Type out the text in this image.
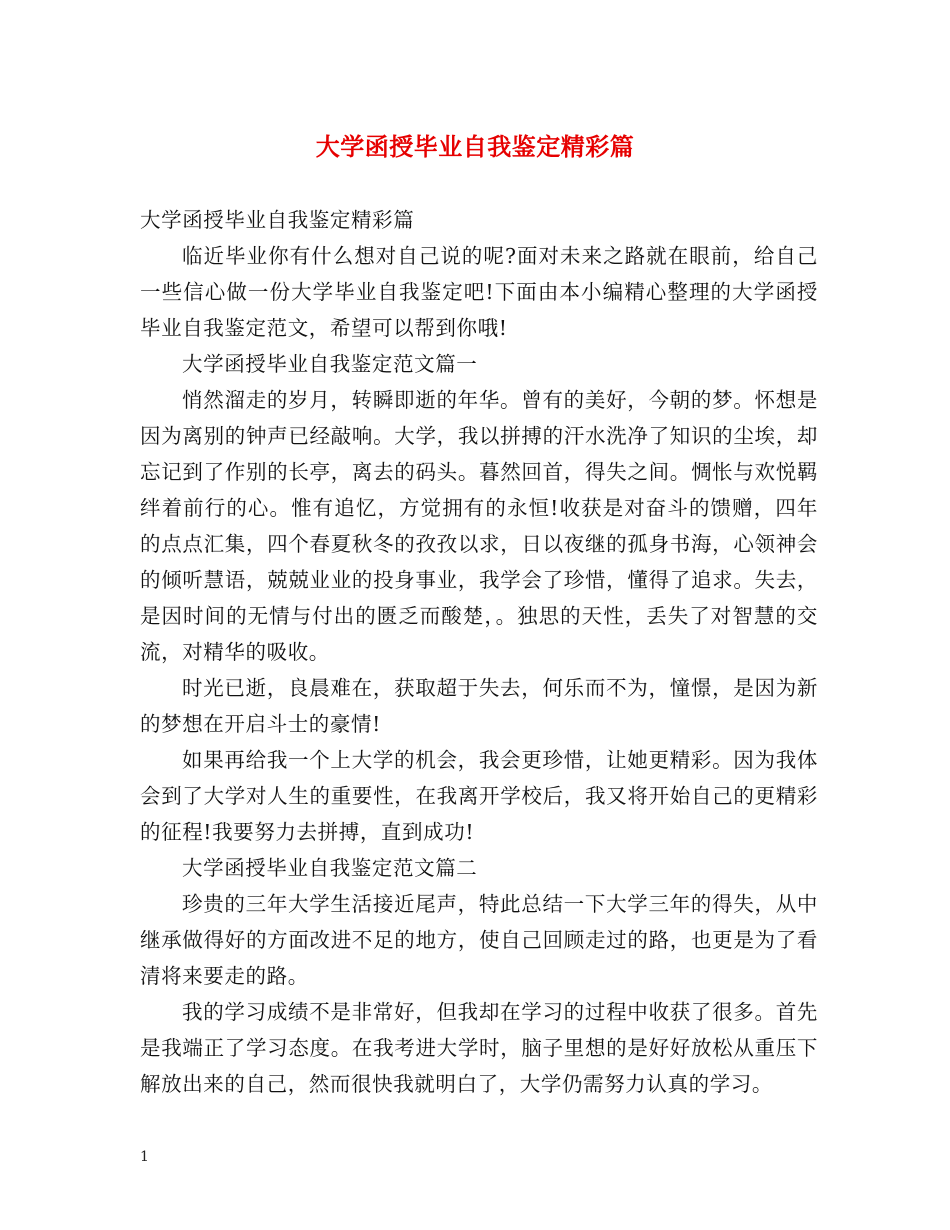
大学函授毕业自我鉴定精彩篇

大学函授毕业自我鉴定精彩篇

临近毕业你有什么想对自己说的呢?面对未来之路就在眼前，给自己一些信心做一份大学毕业自我鉴定吧!下面由本小编精心整理的大学函授毕业自我鉴定范文，希望可以帮到你哦!

大学函授毕业自我鉴定范文篇一

悄然溜走的岁月，转瞬即逝的年华。曾有的美好，今朝的梦。怀想是因为离别的钟声已经敲响。大学，我以拼搏的汗水洗净了知识的尘埃，却忘记到了作别的长亭，离去的码头。暮然回首，得失之间。惆怅与欢悦羁绊着前行的心。惟有追忆，方觉拥有的永恒!收获是对奋斗的馈赠，四年的点点汇集，四个春夏秋冬的孜孜以求，日以夜继的孤身书海，心领神会的倾听慧语，兢兢业业的投身事业，我学会了珍惜，懂得了追求。失去，是因时间的无情与付出的匮乏而酸楚，。独思的天性，丢失了对智慧的交流，对精华的吸收。

时光已逝，良晨难在，获取超于失去，何乐而不为，憧憬，是因为新的梦想在开启斗士的豪情!

如果再给我一个上大学的机会，我会更珍惜，让她更精彩。因为我体会到了大学对人生的重要性，在我离开学校后，我又将开始自己的更精彩的征程!我要努力去拼搏，直到成功!

大学函授毕业自我鉴定范文篇二

珍贵的三年大学生活接近尾声，特此总结一下大学三年的得失，从中继承做得好的方面改进不足的地方，使自己回顾走过的路，也更是为了看清将来要走的路。

我的学习成绩不是非常好，但我却在学习的过程中收获了很多。首先是我端正了学习态度。在我考进大学时，脑子里想的是好好放松从重压下解放出来的自己，然而很快我就明白了，大学仍需努力认真的学习。

1
